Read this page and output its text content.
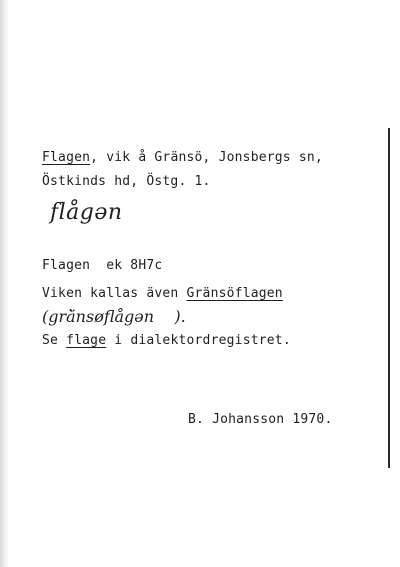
Flagen, vik å Gränsö, Jonsbergs sn,
Östkinds hd, Östg. 1.
flågən
Flagen  ek 8H7c
Viken kallas även Gränsöflagen
(grä̀nsøflågən    ).
Se flage i dialektordregistret.
B. Johansson 1970.
